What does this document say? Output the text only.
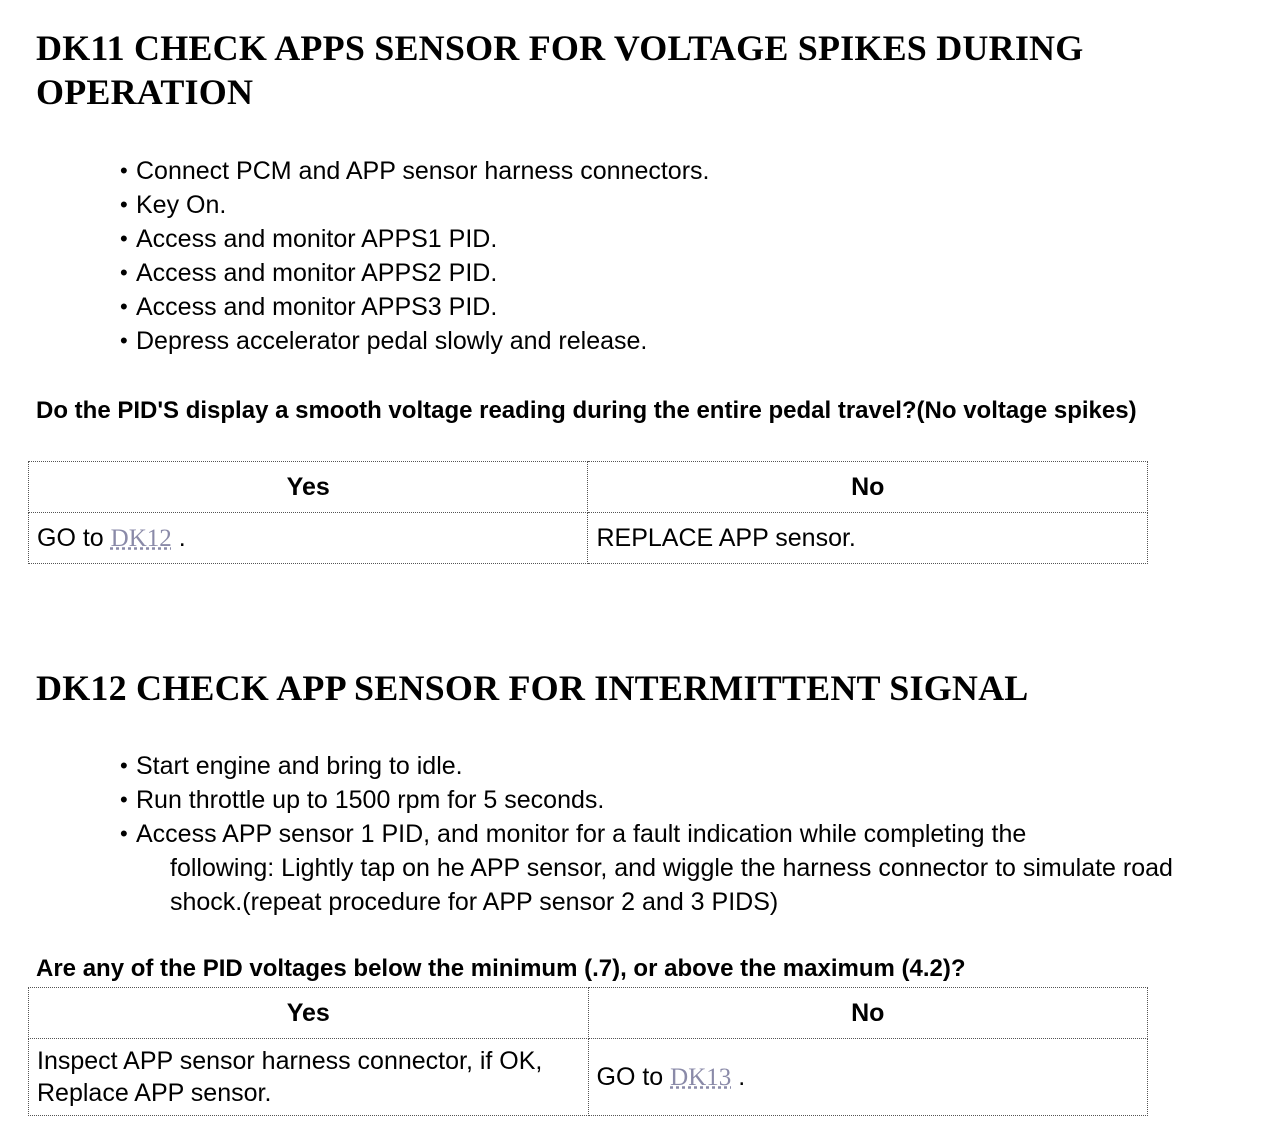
DK11 CHECK APPS SENSOR FOR VOLTAGE SPIKES DURING OPERATION
• Connect PCM and APP sensor harness connectors.
• Key On.
• Access and monitor APPS1 PID.
• Access and monitor APPS2 PID.
• Access and monitor APPS3 PID.
• Depress accelerator pedal slowly and release.

Do the PID'S display a smooth voltage reading during the entire pedal travel?(No voltage spikes)

Yes	No
GO to DK12 .	REPLACE APP sensor.
DK12 CHECK APP SENSOR FOR INTERMITTENT SIGNAL
• Start engine and bring to idle.
• Run throttle up to 1500 rpm for 5 seconds.
• Access APP sensor 1 PID, and monitor for a fault indication while completing the
following: Lightly tap on he APP sensor, and wiggle the harness connector to simulate road shock.(repeat procedure for APP sensor 2 and 3 PIDS)

Are any of the PID voltages below the minimum (.7), or above the maximum (4.2)?

Yes	No
Inspect APP sensor harness connector, if OK, Replace APP sensor.	GO to DK13 .
